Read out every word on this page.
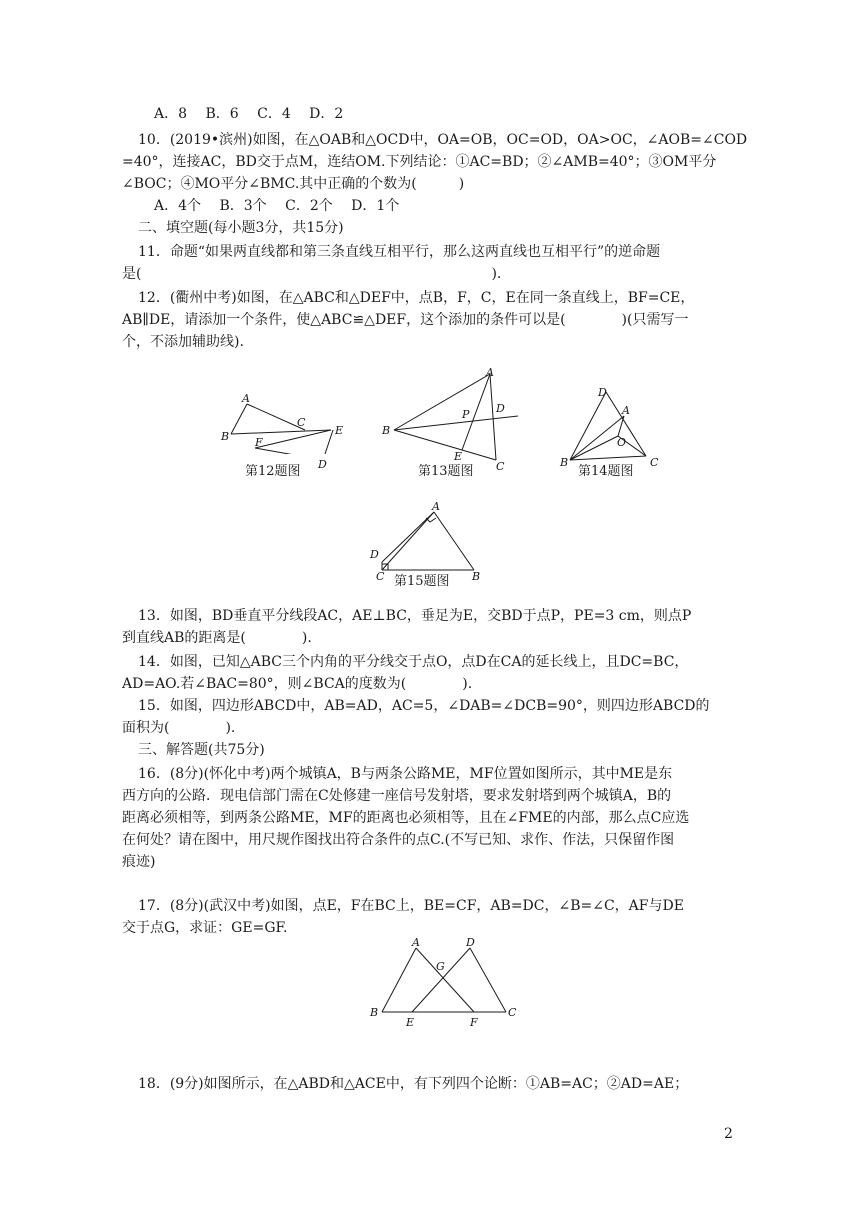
A．8　 B．6　 C．4　 D．2
10．(2019•滨州)如图，在△OAB和△OCD中，OA=OB，OC=OD，OA>OC，∠AOB=∠COD
=40°，连接AC，BD交于点M，连结OM.下列结论：①AC=BD；②∠AMB=40°；③OM平分
∠BOC；④MO平分∠BMC.其中正确的个数为(　　　)
A．4个　 B．3个　 C．2个　 D．1个
二、填空题(每小题3分，共15分)
11．命题“如果两直线都和第三条直线互相平行，那么这两直线也互相平行”的逆命题
是(　　　　　　　　　　　　　　　　　　　　　　　　　).
12．(衢州中考)如图，在△ABC和△DEF中，点B，F，C，E在同一条直线上，BF=CE，
AB∥DE，请添加一个条件，使△ABC≌△DEF，这个添加的条件可以是(　　　　)(只需写一
个，不添加辅助线).
A
B
C
F
E
D
第12题图
A
B
P D
E
C
第13题图
D
A
O
B	C
第14题图
A
D
C	B
第15题图
13．如图，BD垂直平分线段AC，AE⊥BC，垂足为E，交BD于点P，PE=3 cm，则点P
到直线AB的距离是(　　　　).
14．如图，已知△ABC三个内角的平分线交于点O，点D在CA的延长线上，且DC=BC，
AD=AO.若∠BAC=80°，则∠BCA的度数为(　　　　).
15．如图，四边形ABCD中，AB=AD，AC=5，∠DAB=∠DCB=90°，则四边形ABCD的
面积为(　　　　).
三、解答题(共75分)
16．(8分)(怀化中考)两个城镇A，B与两条公路ME，MF位置如图所示，其中ME是东
西方向的公路．现电信部门需在C处修建一座信号发射塔，要求发射塔到两个城镇A，B的
距离必须相等，到两条公路ME，MF的距离也必须相等，且在∠FME的内部，那么点C应选
在何处？请在图中，用尺规作图找出符合条件的点C.(不写已知、求作、作法，只保留作图
痕迹)
17．(8分)(武汉中考)如图，点E，F在BC上，BE=CF，AB=DC，∠B=∠C，AF与DE
交于点G，求证：GE=GF.
A	D
G
B
E	F
C
18．(9分)如图所示，在△ABD和△ACE中，有下列四个论断：①AB=AC；②AD=AE；
2
